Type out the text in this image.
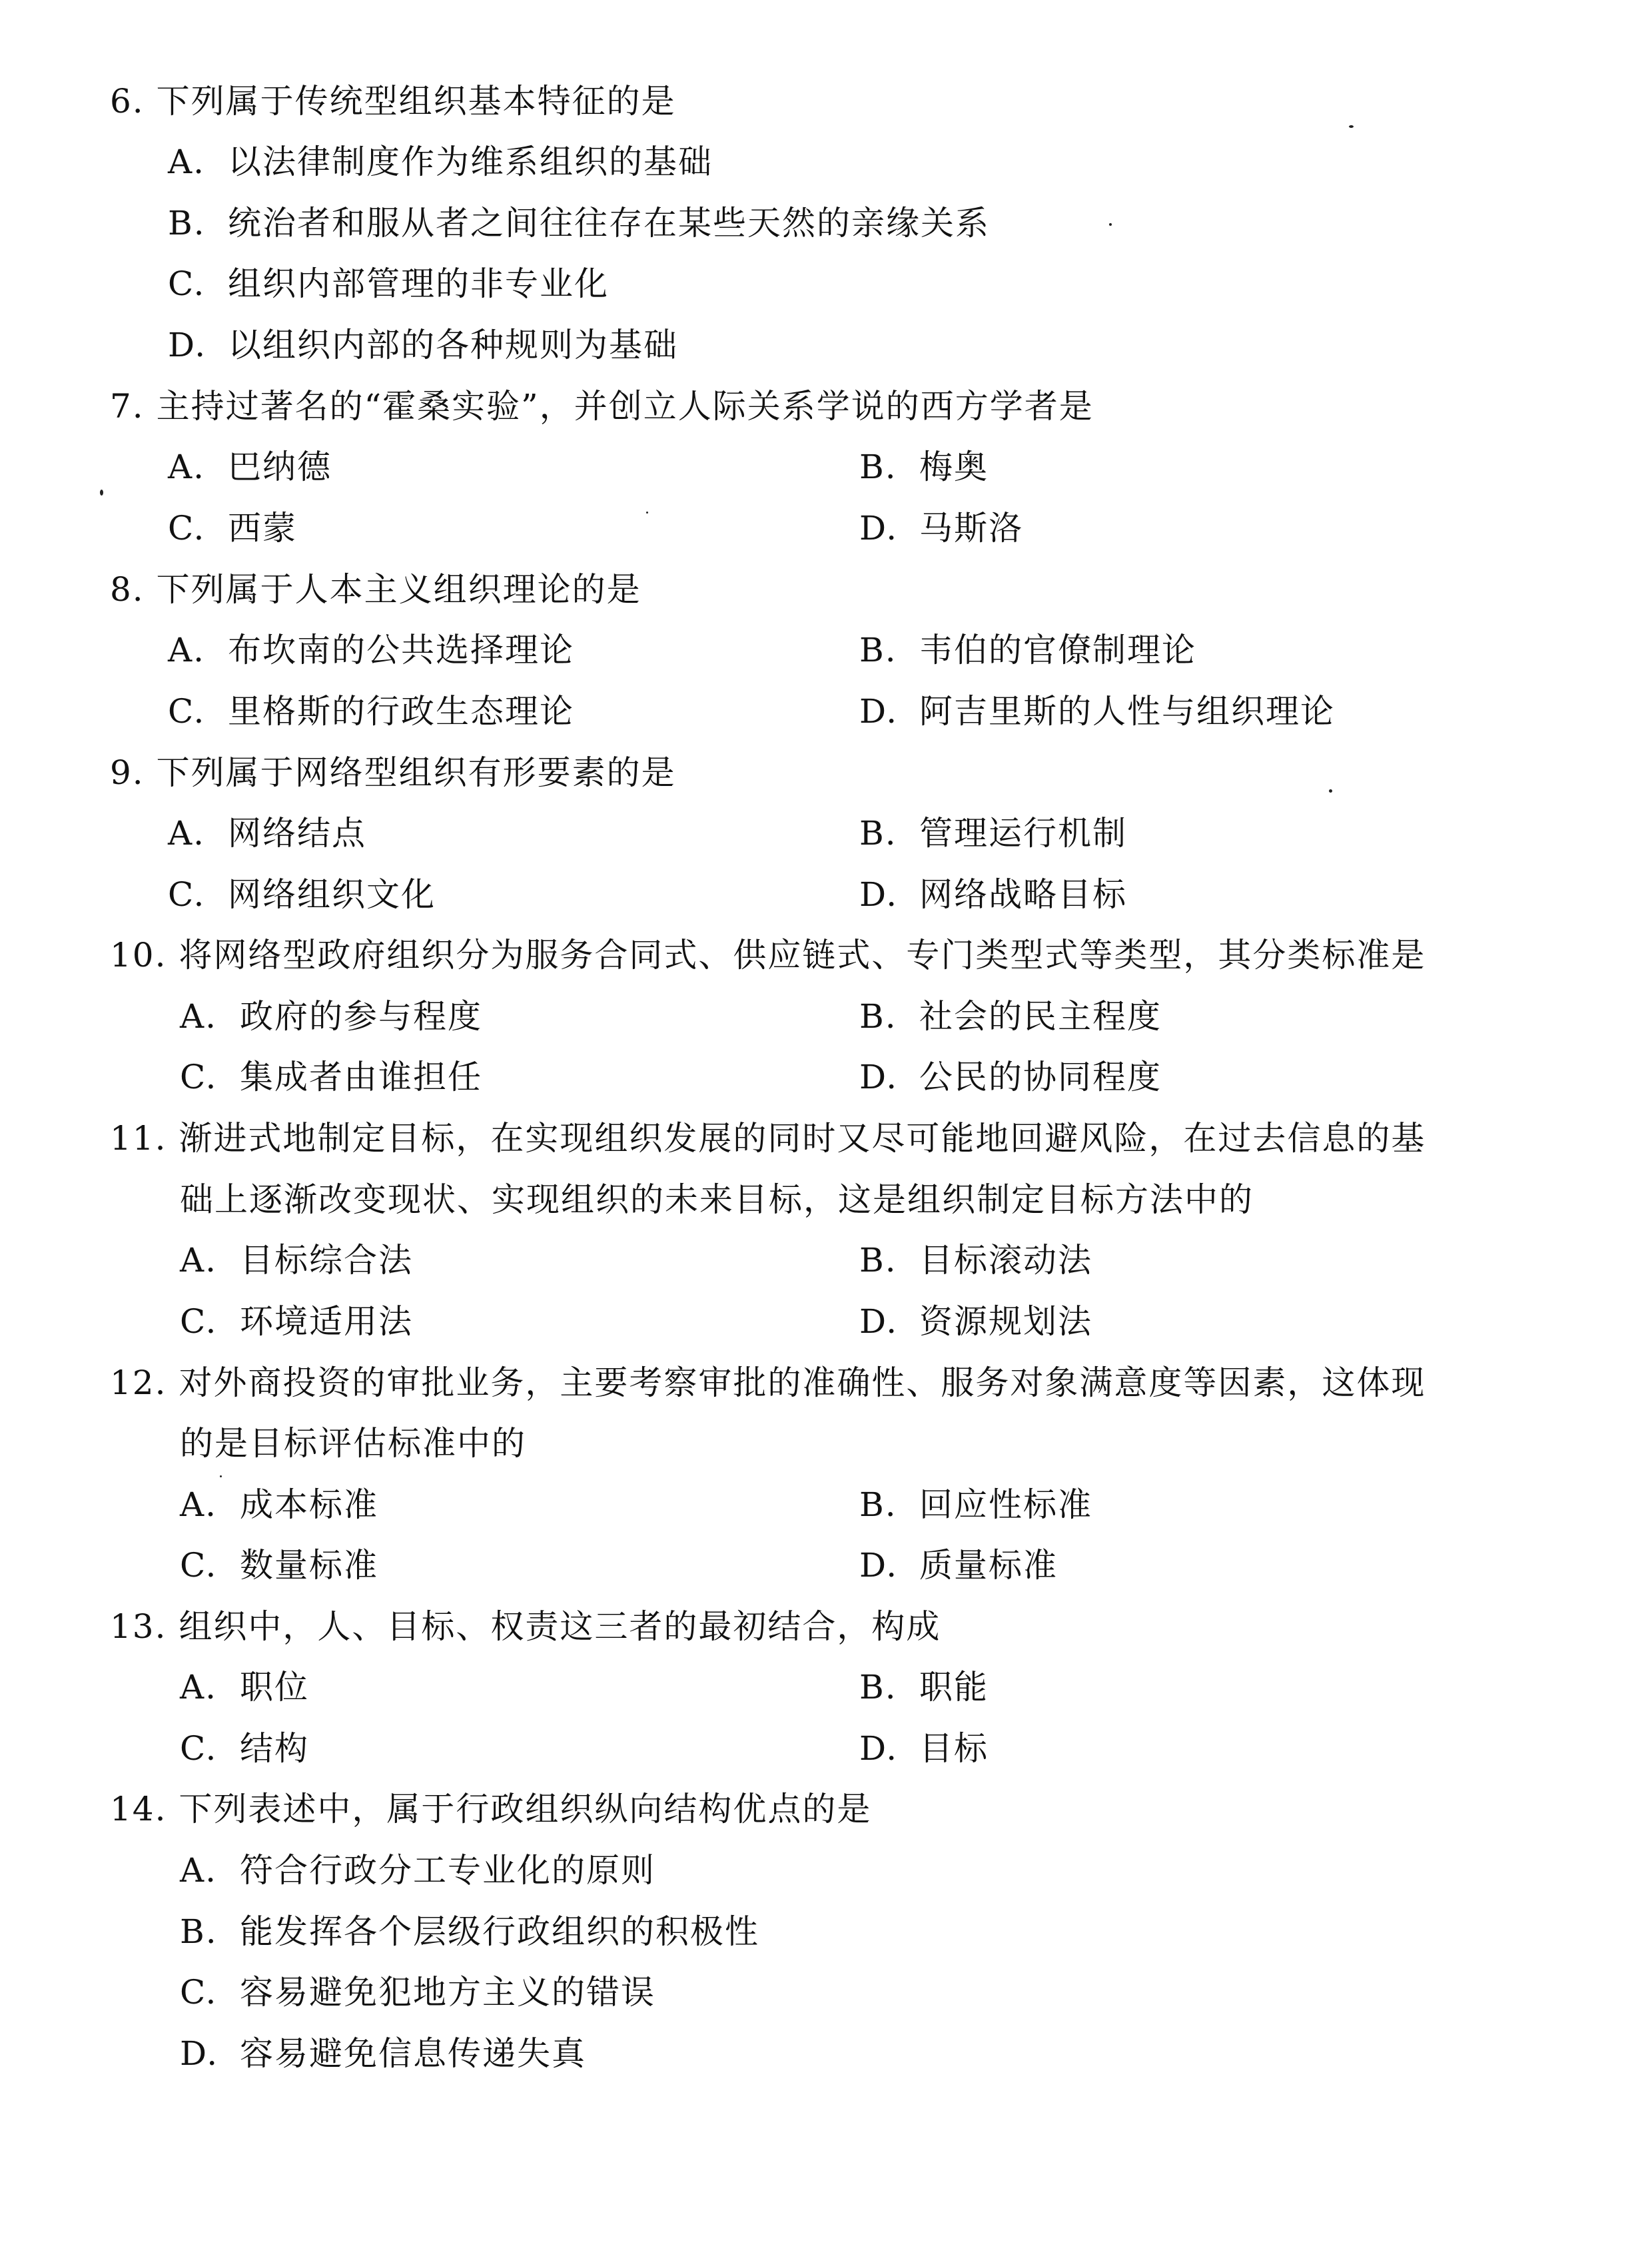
6. 下列属于传统型组织基本特征的是
A. 以法律制度作为维系组织的基础
B. 统治者和服从者之间往往存在某些天然的亲缘关系
C. 组织内部管理的非专业化
D. 以组织内部的各种规则为基础
7. 主持过著名的“霍桑实验”，并创立人际关系学说的西方学者是
A. 巴纳德	B. 梅奥
C. 西蒙	D. 马斯洛
8. 下列属于人本主义组织理论的是
A. 布坎南的公共选择理论	B. 韦伯的官僚制理论
C. 里格斯的行政生态理论	D. 阿吉里斯的人性与组织理论
9. 下列属于网络型组织有形要素的是
A. 网络结点	B. 管理运行机制
C. 网络组织文化	D. 网络战略目标
10. 将网络型政府组织分为服务合同式、供应链式、专门类型式等类型，其分类标准是
A. 政府的参与程度	B. 社会的民主程度
C. 集成者由谁担任	D. 公民的协同程度
11. 渐进式地制定目标，在实现组织发展的同时又尽可能地回避风险，在过去信息的基
础上逐渐改变现状、实现组织的未来目标，这是组织制定目标方法中的
A. 目标综合法	B. 目标滚动法
C. 环境适用法	D. 资源规划法
12. 对外商投资的审批业务，主要考察审批的准确性、服务对象满意度等因素，这体现
的是目标评估标准中的
A. 成本标准	B. 回应性标准
C. 数量标准	D. 质量标准
13. 组织中，人、目标、权责这三者的最初结合，构成
A. 职位	B. 职能
C. 结构	D. 目标
14. 下列表述中，属于行政组织纵向结构优点的是
A. 符合行政分工专业化的原则
B. 能发挥各个层级行政组织的积极性
C. 容易避免犯地方主义的错误
D. 容易避免信息传递失真
